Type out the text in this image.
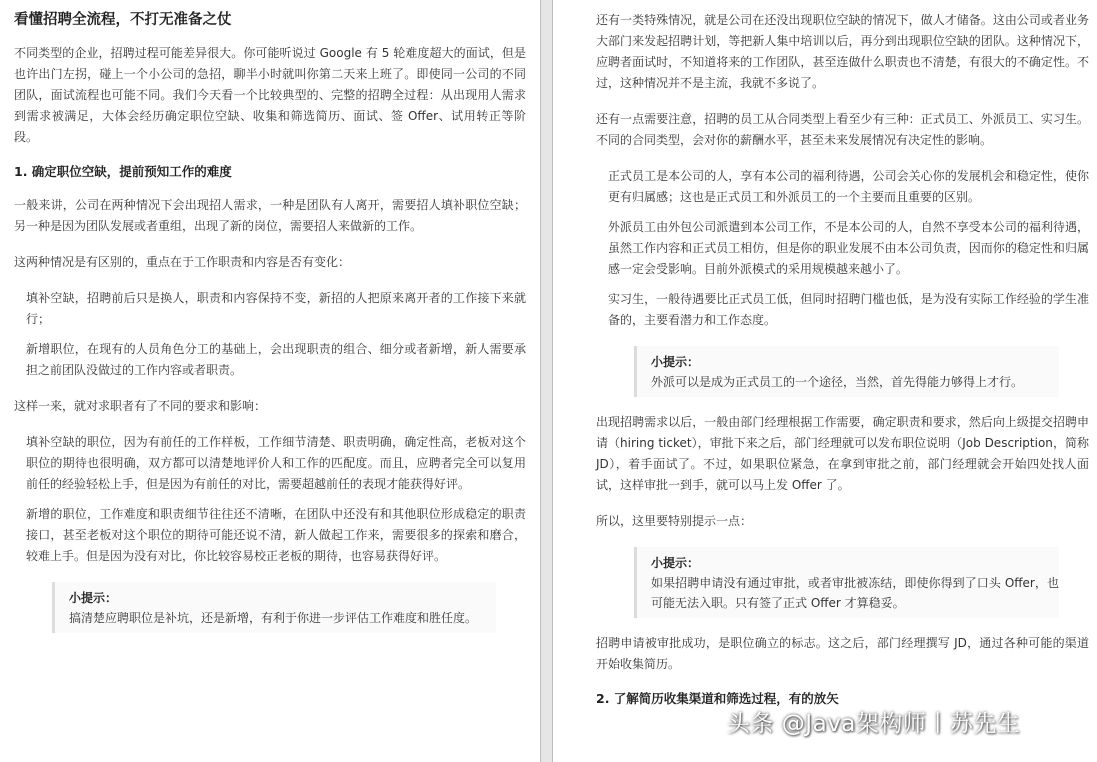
看懂招聘全流程，不打无准备之仗

不同类型的企业，招聘过程可能差异很大。你可能听说过 Google 有 5 轮难度超大的面试，但是也许出门左拐，碰上一个小公司的急招，聊半小时就叫你第二天来上班了。即使同一公司的不同团队，面试流程也可能不同。我们今天看一个比较典型的、完整的招聘全过程：从出现用人需求到需求被满足，大体会经历确定职位空缺、收集和筛选简历、面试、签 Offer、试用转正等阶段。

1. 确定职位空缺，提前预知工作的难度

一般来讲，公司在两种情况下会出现招人需求，一种是团队有人离开，需要招人填补职位空缺；另一种是因为团队发展或者重组，出现了新的岗位，需要招人来做新的工作。

这两种情况是有区别的，重点在于工作职责和内容是否有变化：

填补空缺，招聘前后只是换人，职责和内容保持不变，新招的人把原来离开者的工作接下来就行；

新增职位，在现有的人员角色分工的基础上，会出现职责的组合、细分或者新增，新人需要承担之前团队没做过的工作内容或者职责。

这样一来，就对求职者有了不同的要求和影响：

填补空缺的职位，因为有前任的工作样板，工作细节清楚、职责明确，确定性高，老板对这个职位的期待也很明确，双方都可以清楚地评价人和工作的匹配度。而且，应聘者完全可以复用前任的经验轻松上手，但是因为有前任的对比，需要超越前任的表现才能获得好评。

新增的职位，工作难度和职责细节往往还不清晰，在团队中还没有和其他职位形成稳定的职责接口，甚至老板对这个职位的期待可能还说不清，新人做起工作来，需要很多的探索和磨合，较难上手。但是因为没有对比，你比较容易校正老板的期待，也容易获得好评。

小提示：

搞清楚应聘职位是补坑，还是新增，有利于你进一步评估工作难度和胜任度。

还有一类特殊情况，就是公司在还没出现职位空缺的情况下，做人才储备。这由公司或者业务大部门来发起招聘计划，等把新人集中培训以后，再分到出现职位空缺的团队。这种情况下，应聘者面试时，不知道将来的工作团队，甚至连做什么职责也不清楚，有很大的不确定性。不过，这种情况并不是主流，我就不多说了。

还有一点需要注意，招聘的员工从合同类型上看至少有三种：正式员工、外派员工、实习生。不同的合同类型，会对你的薪酬水平，甚至未来发展情况有决定性的影响。

正式员工是本公司的人，享有本公司的福利待遇，公司会关心你的发展机会和稳定性，使你更有归属感；这也是正式员工和外派员工的一个主要而且重要的区别。

外派员工由外包公司派遣到本公司工作，不是本公司的人，自然不享受本公司的福利待遇，虽然工作内容和正式员工相仿，但是你的职业发展不由本公司负责，因而你的稳定性和归属感一定会受影响。目前外派模式的采用规模越来越小了。

实习生，一般待遇要比正式员工低，但同时招聘门槛也低，是为没有实际工作经验的学生准备的，主要看潜力和工作态度。

小提示：

外派可以是成为正式员工的一个途径，当然，首先得能力够得上才行。

出现招聘需求以后，一般由部门经理根据工作需要，确定职责和要求，然后向上级提交招聘申请（hiring ticket），审批下来之后，部门经理就可以发布职位说明（Job Description，简称 JD），着手面试了。不过，如果职位紧急，在拿到审批之前，部门经理就会开始四处找人面试，这样审批一到手，就可以马上发 Offer 了。

所以，这里要特别提示一点：

小提示：

如果招聘申请没有通过审批，或者审批被冻结，即使你得到了口头 Offer，也可能无法入职。只有签了正式 Offer 才算稳妥。

招聘申请被审批成功，是职位确立的标志。这之后，部门经理撰写 JD，通过各种可能的渠道开始收集简历。

2. 了解简历收集渠道和筛选过程，有的放矢
头条 @Java架构师丨苏先生
